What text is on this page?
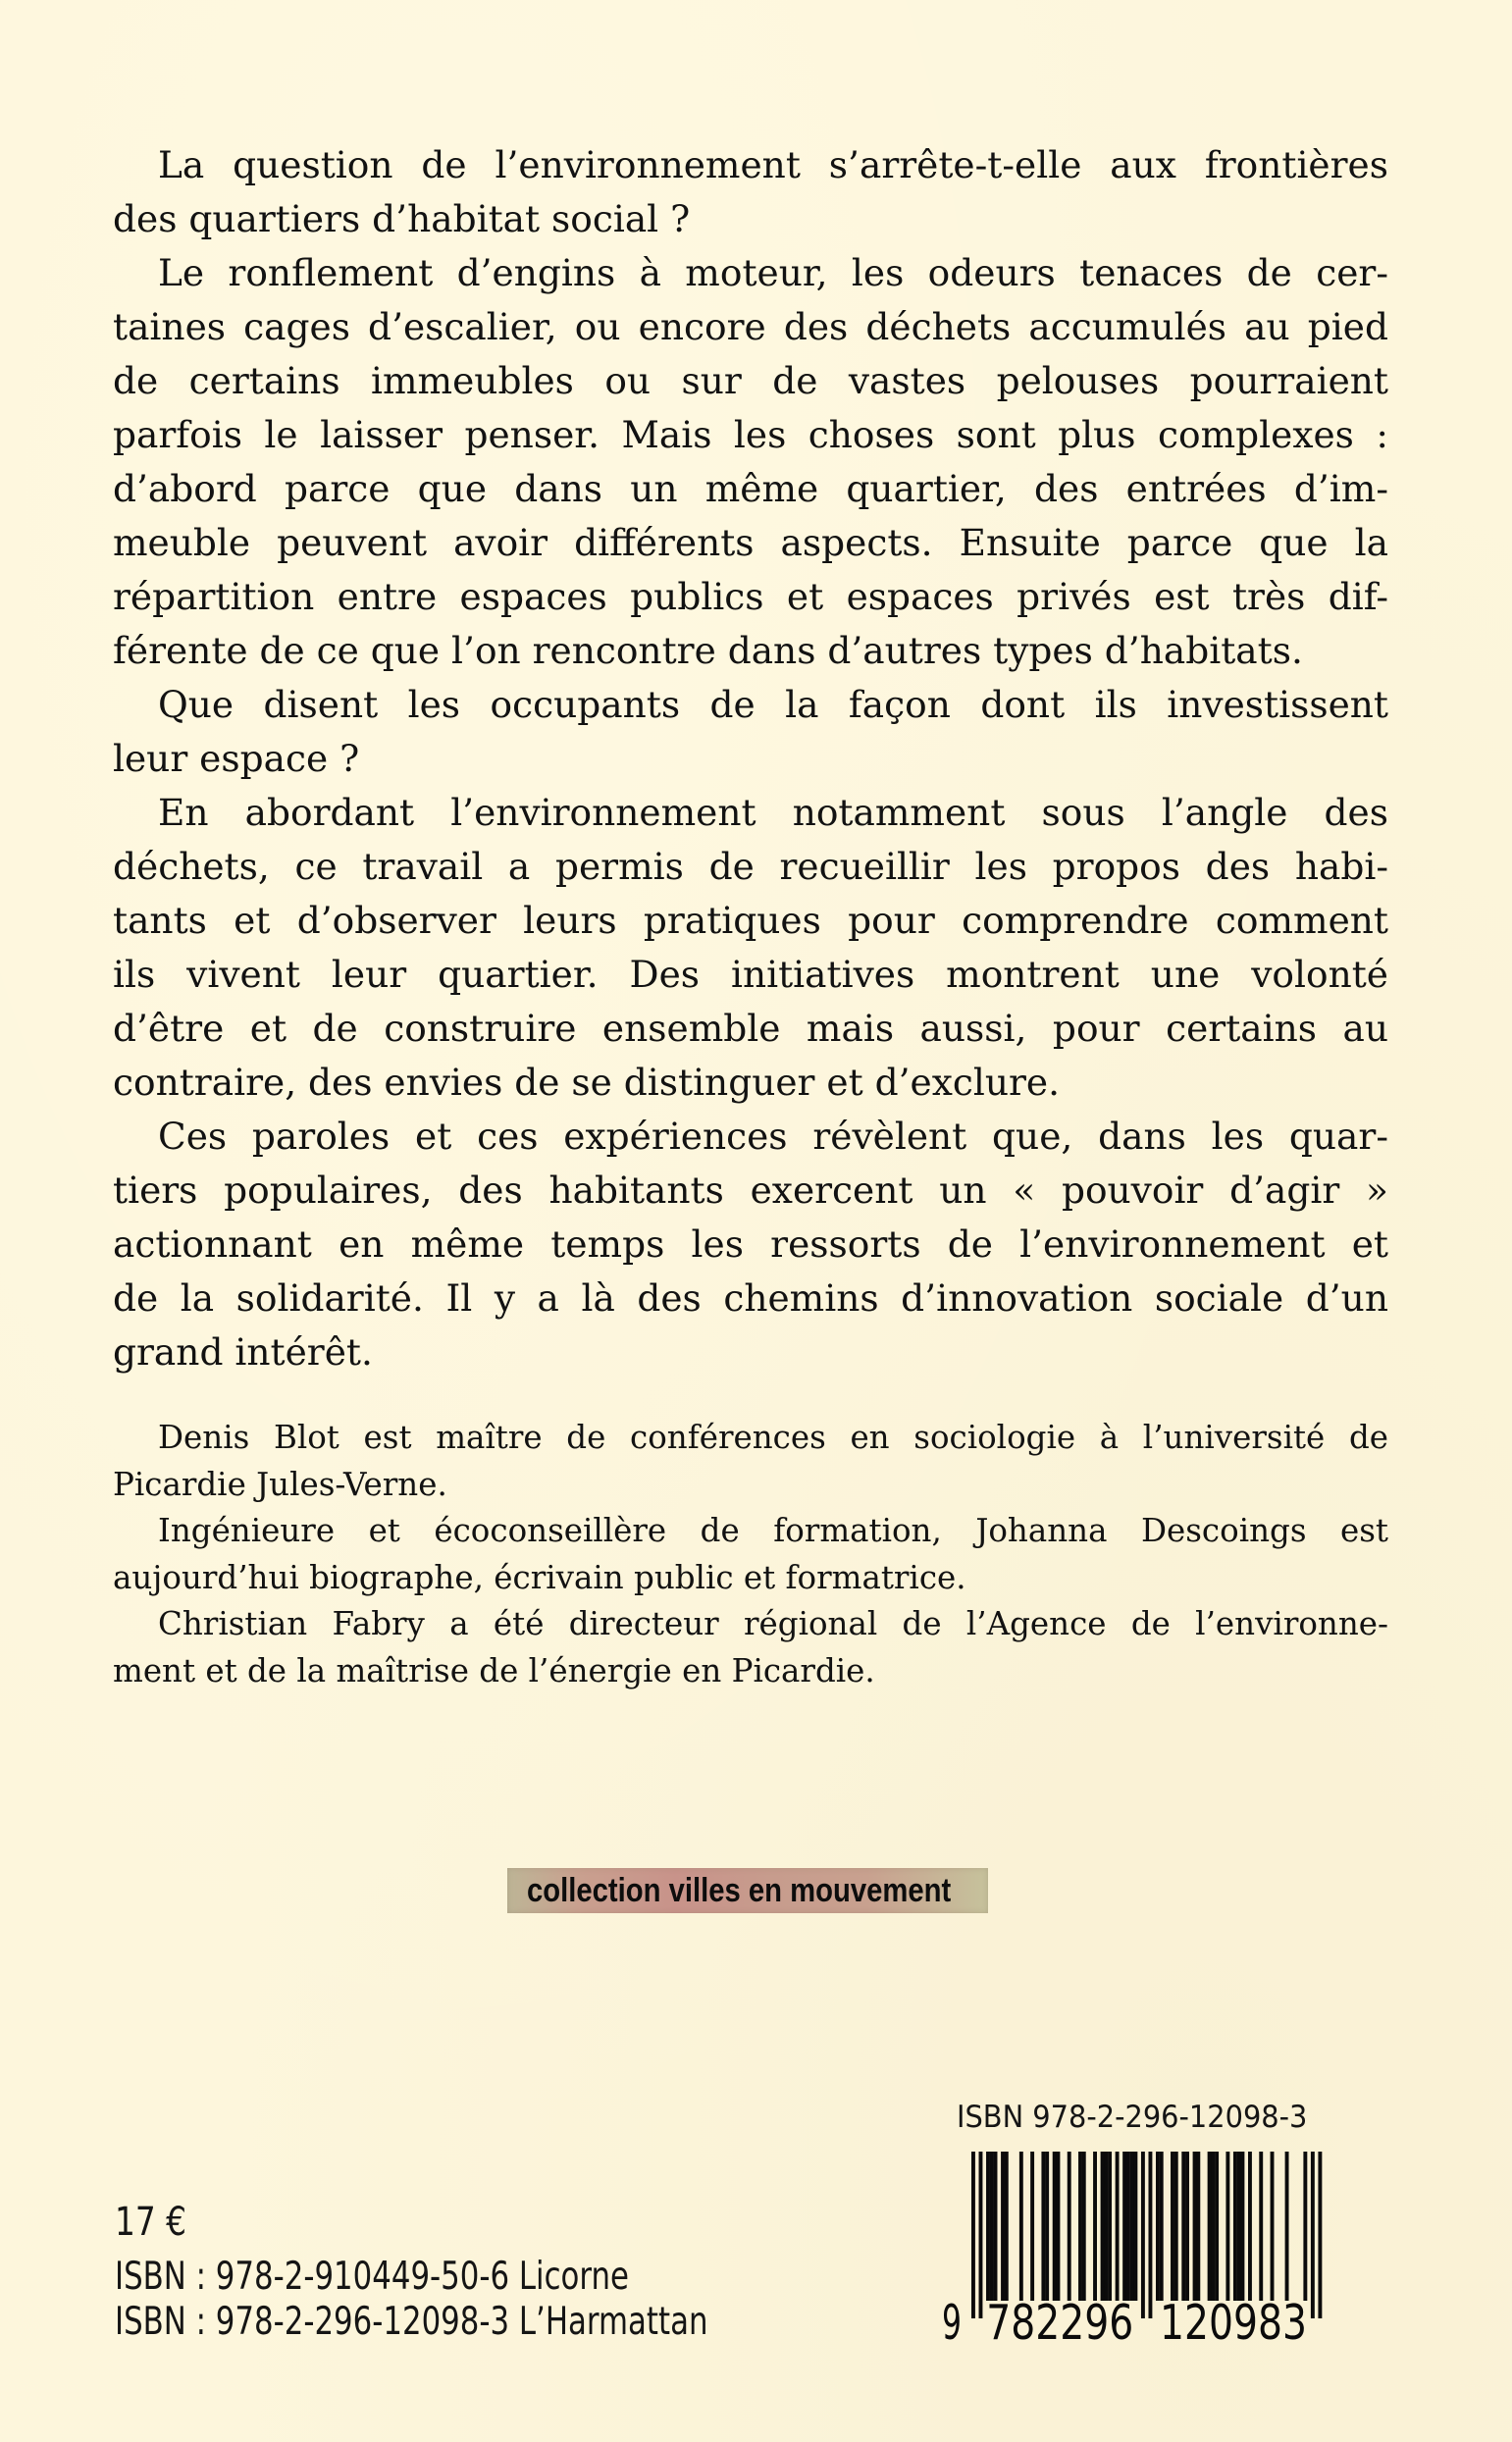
La question de l’environnement s’arrête-t-elle aux frontières
des quartiers d’habitat social ?
Le ronflement d’engins à moteur, les odeurs tenaces de cer-
taines cages d’escalier, ou encore des déchets accumulés au pied
de certains immeubles ou sur de vastes pelouses pourraient
parfois le laisser penser. Mais les choses sont plus complexes :
d’abord parce que dans un même quartier, des entrées d’im-
meuble peuvent avoir différents aspects. Ensuite parce que la
répartition entre espaces publics et espaces privés est très dif-
férente de ce que l’on rencontre dans d’autres types d’habitats.
Que disent les occupants de la façon dont ils investissent
leur espace ?
En abordant l’environnement notamment sous l’angle des
déchets, ce travail a permis de recueillir les propos des habi-
tants et d’observer leurs pratiques pour comprendre comment
ils vivent leur quartier. Des initiatives montrent une volonté
d’être et de construire ensemble mais aussi, pour certains au
contraire, des envies de se distinguer et d’exclure.
Ces paroles et ces expériences révèlent que, dans les quar-
tiers populaires, des habitants exercent un « pouvoir d’agir »
actionnant en même temps les ressorts de l’environnement et
de la solidarité. Il y a là des chemins d’innovation sociale d’un
grand intérêt.
Denis Blot est maître de conférences en sociologie à l’université de
Picardie Jules-Verne.
Ingénieure et écoconseillère de formation, Johanna Descoings est
aujourd’hui biographe, écrivain public et formatrice.
Christian Fabry a été directeur régional de l’Agence de l’environne-
ment et de la maîtrise de l’énergie en Picardie.
collection villes en mouvement
ISBN 978-2-296-12098-3
9 782296 120983
17 €
ISBN : 978-2-910449-50-6 Licorne
ISBN : 978-2-296-12098-3 L’Harmattan
